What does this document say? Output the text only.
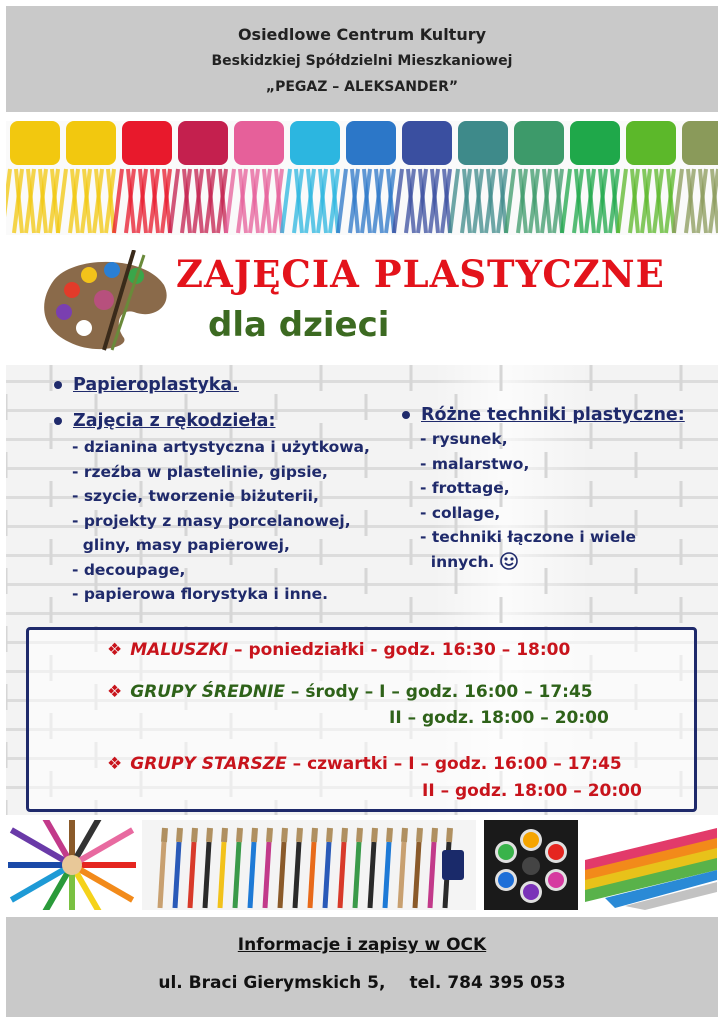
Osiedlowe Centrum Kultury
Beskidzkiej Spółdzielni Mieszkaniowej
„PEGAZ – ALEKSANDER”
ZAJĘCIA PLASTYCZNE
dla dzieci
Papieroplastyka.
Zajęcia z rękodzieła:
- dzianina artystyczna i użytkowa,
- rzeźba w plastelinie, gipsie,
- szycie, tworzenie biżuterii,
- projekty z masy porcelanowej,
gliny, masy papierowej,
- decoupage,
- papierowa florystyka i inne.
Różne techniki plastyczne:
- rysunek,
- malarstwo,
- frottage,
- collage,
- techniki łączone i wiele
innych.
❖ MALUSZKI – poniedziałki - godz. 16:30 – 18:00
❖ GRUPY ŚREDNIE – środy – I – godz. 16:00 – 17:45
II – godz. 18:00 – 20:00
❖ GRUPY STARSZE – czwartki – I – godz. 16:00 – 17:45
II – godz. 18:00 – 20:00
Informacje i zapisy w OCK
ul. Braci Gierymskich 5, tel. 784 395 053
